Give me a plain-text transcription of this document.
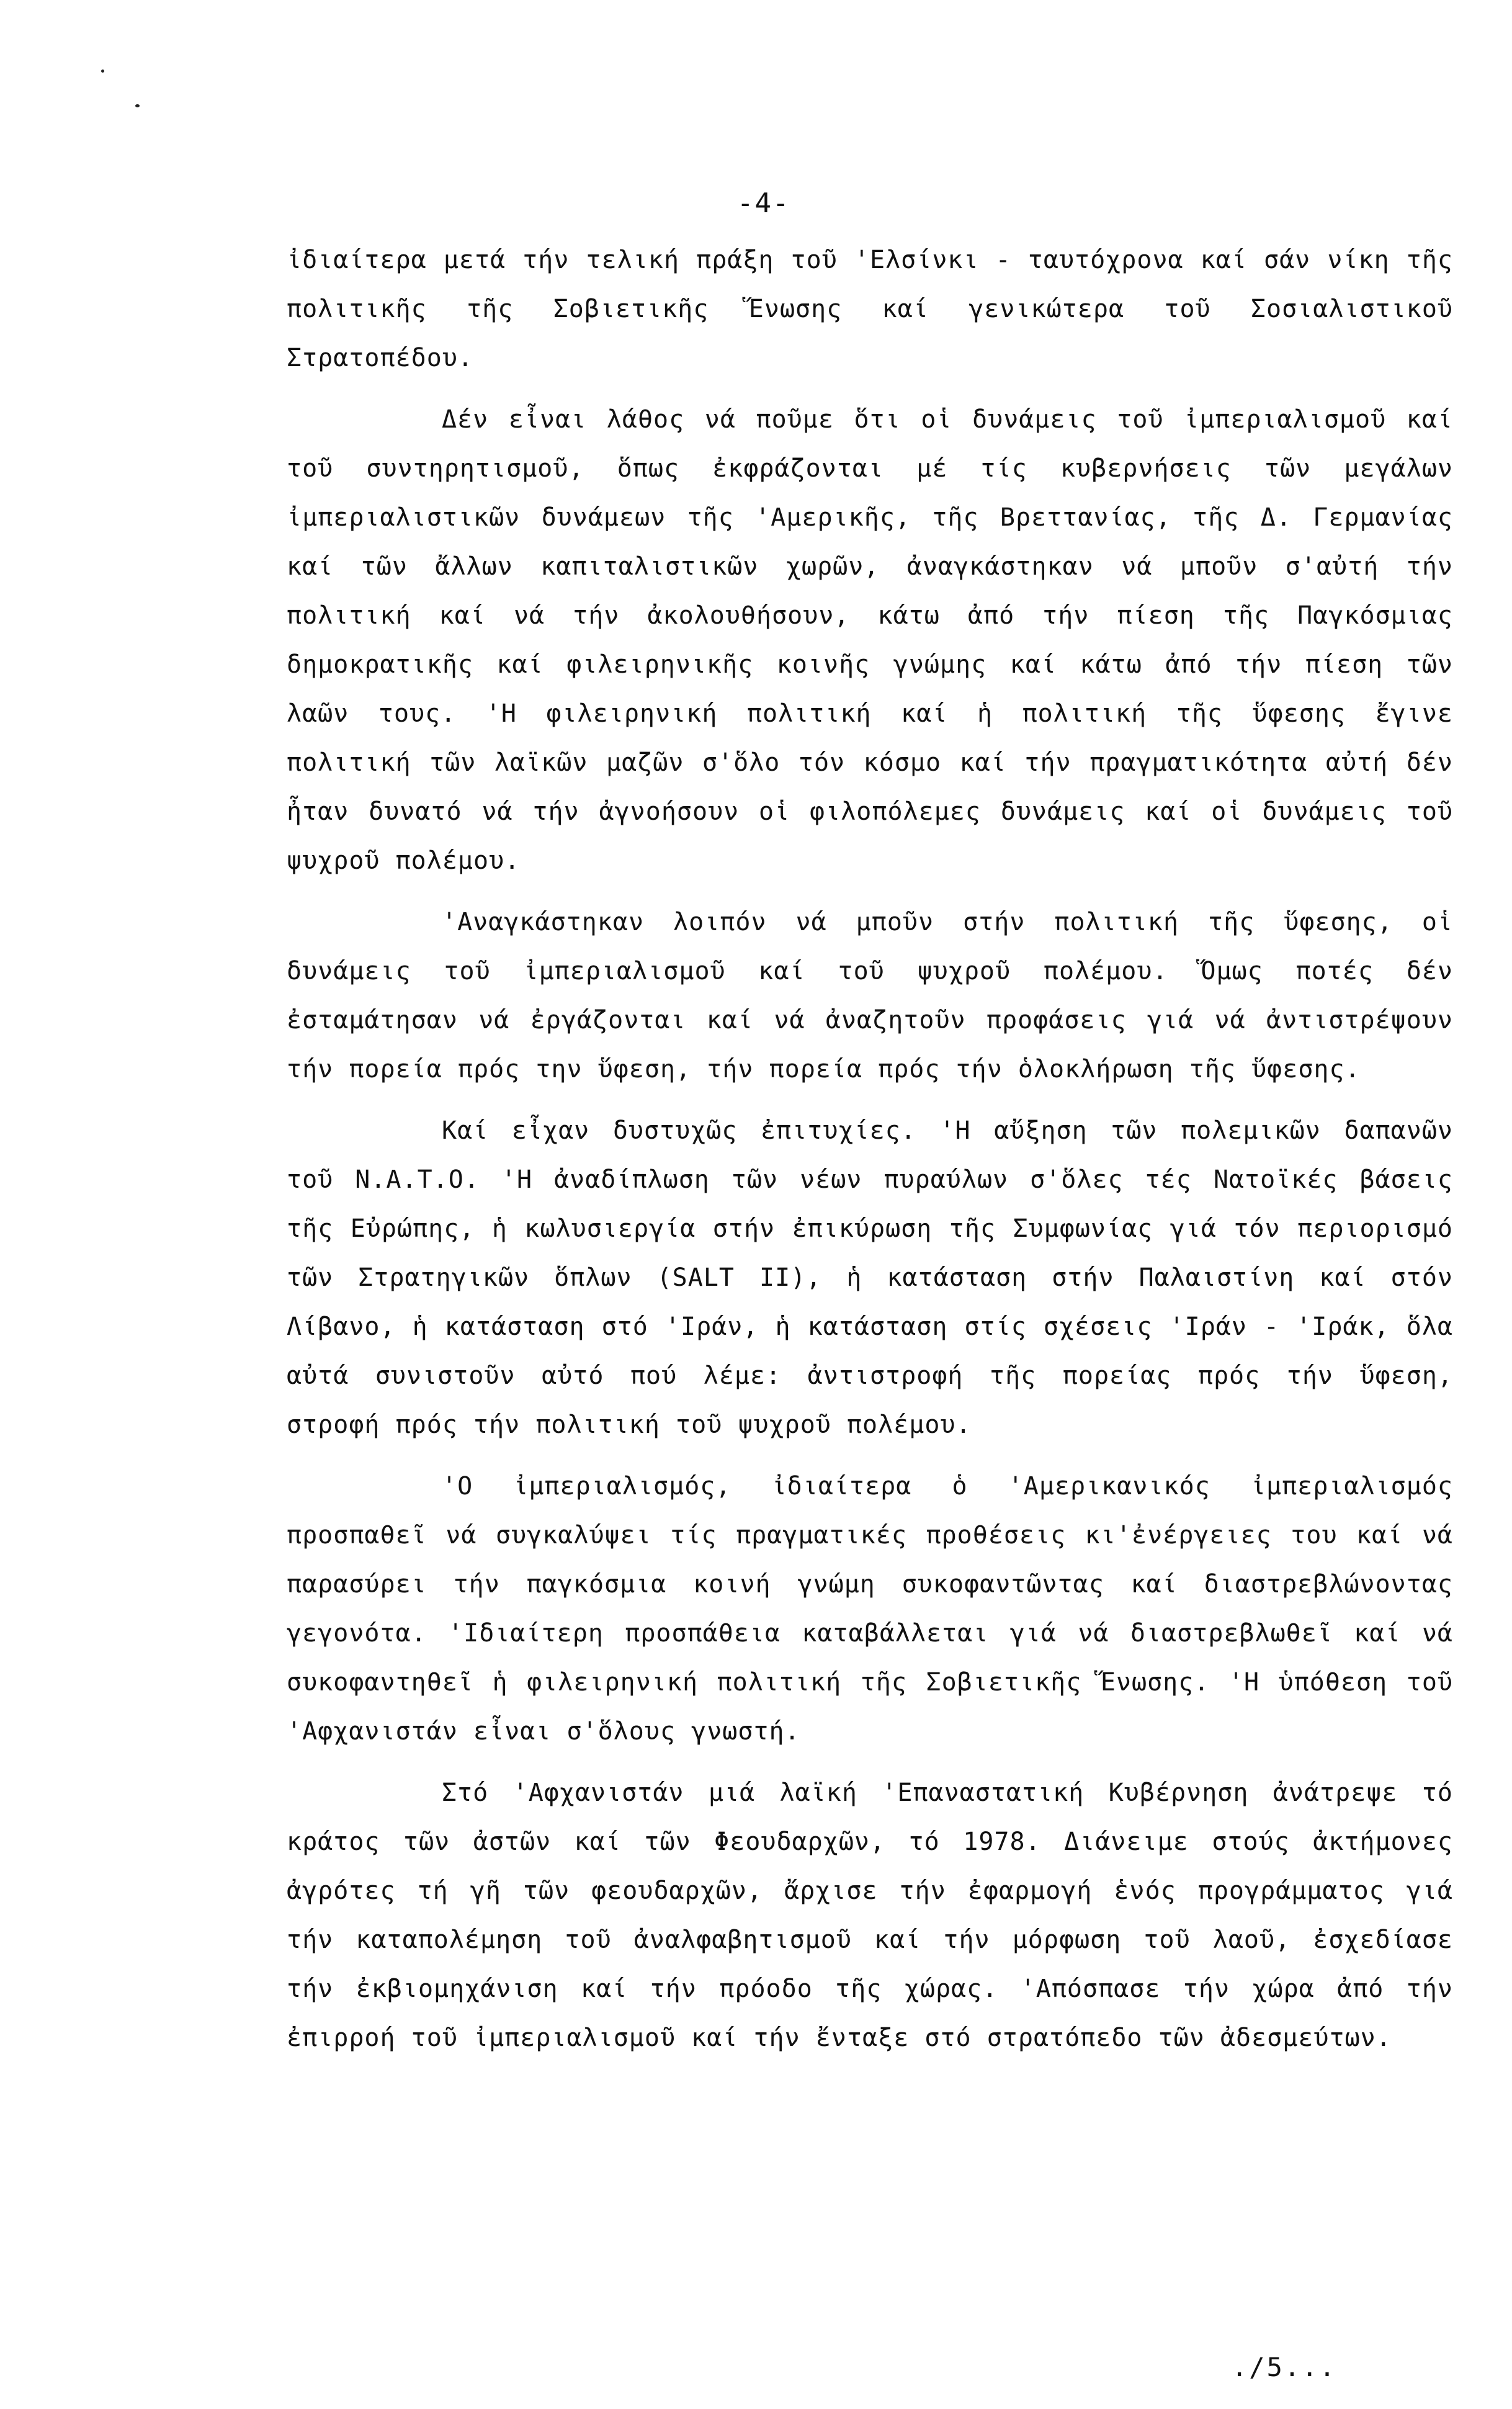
-4-

ἰδιαίτερα μετά τήν τελική πράξη τοῦ 'Ελσίνκι - ταυτόχρονα καί σάν νίκη τῆς πολιτικῆς τῆς Σοβιετικῆς Ἕνωσης καί γενικώτερα τοῦ Σοσιαλιστικοῦ Στρατοπέδου.

Δέν εἶναι λάθος νά ποῦμε ὅτι οἱ δυνάμεις τοῦ ἰμπεριαλισμοῦ καί τοῦ συντηρητισμοῦ, ὅπως ἐκφράζονται μέ τίς κυβερνήσεις τῶν μεγάλων ἰμπεριαλιστικῶν δυνάμεων τῆς 'Αμερικῆς, τῆς Βρεττανίας, τῆς Δ. Γερμανίας καί τῶν ἄλλων καπιταλιστικῶν χωρῶν, ἀναγκάστηκαν νά μποῦν σ'αὐτή τήν πολιτική καί νά τήν ἀκολουθήσουν, κάτω ἀπό τήν πίεση τῆς Παγκόσμιας δημοκρατικῆς καί φιλειρηνικῆς κοινῆς γνώμης καί κάτω ἀπό τήν πίεση τῶν λαῶν τους. 'Η φιλειρηνική πολιτική καί ἡ πολιτική τῆς ὕφεσης ἔγινε πολιτική τῶν λαϊκῶν μαζῶν σ'ὅλο τόν κόσμο καί τήν πραγματικότητα αὐτή δέν ἦταν δυνατό νά τήν ἀγνοήσουν οἱ φιλοπόλεμες δυνάμεις καί οἱ δυνάμεις τοῦ ψυχροῦ πολέμου.

'Αναγκάστηκαν λοιπόν νά μποῦν στήν πολιτική τῆς ὕφεσης, οἱ δυνάμεις τοῦ ἰμπεριαλισμοῦ καί τοῦ ψυχροῦ πολέμου. Ὅμως ποτές δέν ἐσταμάτησαν νά ἐργάζονται καί νά ἀναζητοῦν προφάσεις γιά νά ἀντιστρέψουν τήν πορεία πρός την ὕφεση, τήν πορεία πρός τήν ὁλοκλήρωση τῆς ὕφεσης.

Καί εἶχαν δυστυχῶς ἐπιτυχίες. 'Η αὔξηση τῶν πολεμικῶν δαπανῶν τοῦ Ν.Α.Τ.Ο. 'Η ἀναδίπλωση τῶν νέων πυραύλων σ'ὅλες τές Νατοϊκές βάσεις τῆς Εὐρώπης, ἡ κωλυσιεργία στήν ἐπικύρωση τῆς Συμφωνίας γιά τόν περιορισμό τῶν Στρατηγικῶν ὅπλων (SALT II), ἡ κατάσταση στήν Παλαιστίνη καί στόν Λίβανο, ἡ κατάσταση στό 'Ιράν, ἡ κατάσταση στίς σχέσεις 'Ιράν - 'Ιράκ, ὅλα αὐτά συνιστοῦν αὐτό πού λέμε: ἀντιστροφή τῆς πορείας πρός τήν ὕφεση, στροφή πρός τήν πολιτική τοῦ ψυχροῦ πολέμου.

'Ο ἰμπεριαλισμός, ἰδιαίτερα ὁ 'Αμερικανικός ἰμπεριαλισμός προσπαθεῖ νά συγκαλύψει τίς πραγματικές προθέσεις κι'ἐνέργειες του καί νά παρασύρει τήν παγκόσμια κοινή γνώμη συκοφαντῶντας καί διαστρεβλώνοντας γεγονότα. 'Ιδιαίτερη προσπάθεια καταβάλλεται γιά νά διαστρεβλωθεῖ καί νά συκοφαντηθεῖ ἡ φιλειρηνική πολιτική τῆς Σοβιετικῆς Ἕνωσης. 'Η ὑπόθεση τοῦ 'Αφχανιστάν εἶναι σ'ὅλους γνωστή.

Στό 'Αφχανιστάν μιά λαϊκή 'Επαναστατική Κυβέρνηση ἀνάτρεψε τό κράτος τῶν ἀστῶν καί τῶν Φεουδαρχῶν, τό 1978. Διάνειμε στούς ἀκτήμονες ἀγρότες τή γῆ τῶν φεουδαρχῶν, ἄρχισε τήν ἐφαρμογή ἑνός προγράμματος γιά τήν καταπολέμηση τοῦ ἀναλφαβητισμοῦ καί τήν μόρφωση τοῦ λαοῦ, ἐσχεδίασε τήν ἐκβιομηχάνιση καί τήν πρόοδο τῆς χώρας. 'Απόσπασε τήν χώρα ἀπό τήν ἐπιρροή τοῦ ἰμπεριαλισμοῦ καί τήν ἔνταξε στό στρατόπεδο τῶν ἀδεσμεύτων.

./5...
